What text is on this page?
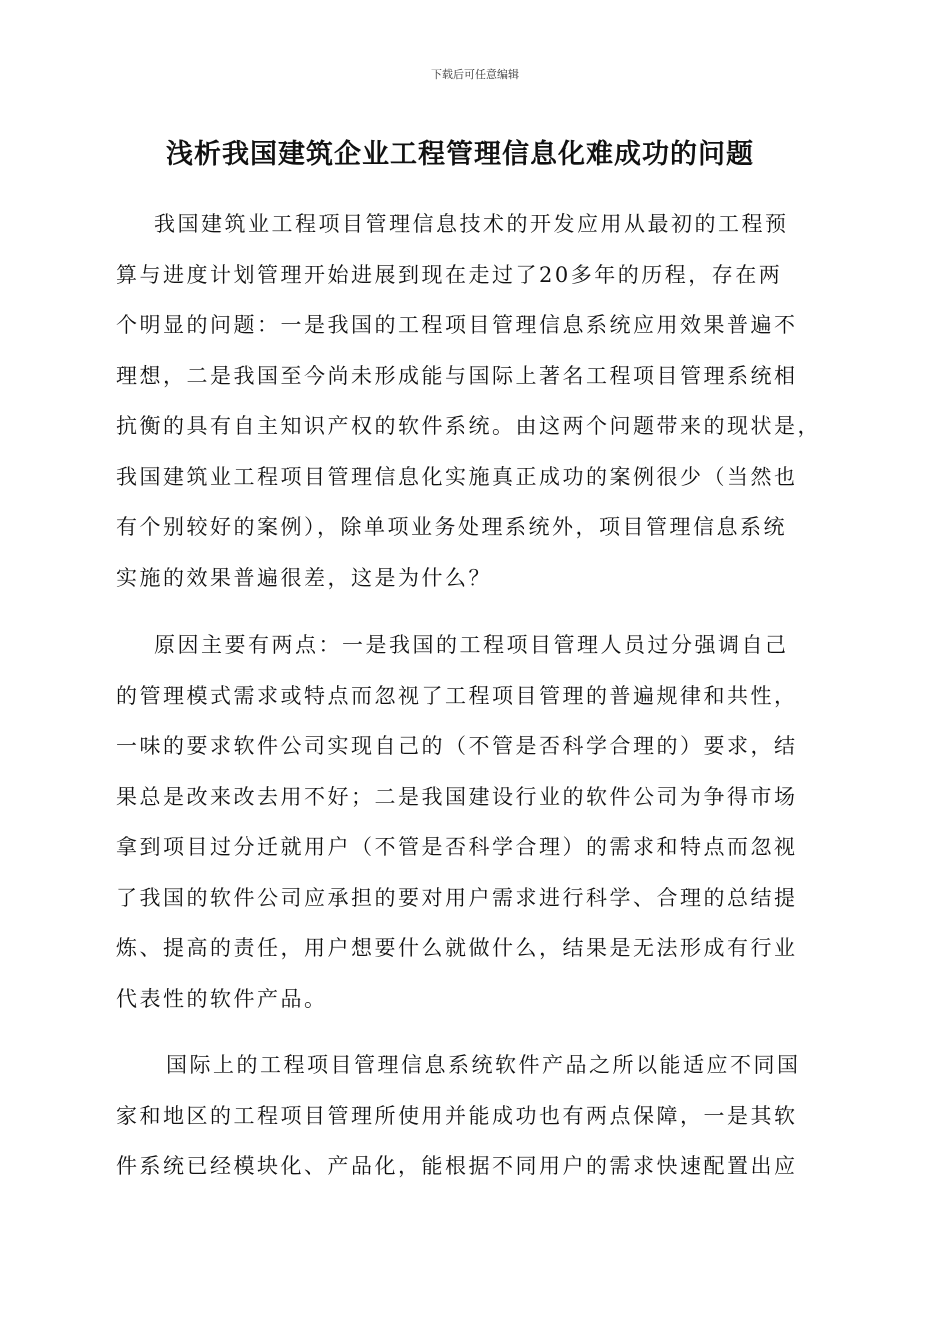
下载后可任意编辑
浅析我国建筑企业工程管理信息化难成功的问题
我国建筑业工程项目管理信息技术的开发应用从最初的工程预
算与进度计划管理开始进展到现在走过了20多年的历程，存在两
个明显的问题：一是我国的工程项目管理信息系统应用效果普遍不
理想，二是我国至今尚未形成能与国际上著名工程项目管理系统相
抗衡的具有自主知识产权的软件系统。由这两个问题带来的现状是，
我国建筑业工程项目管理信息化实施真正成功的案例很少（当然也
有个别较好的案例），除单项业务处理系统外，项目管理信息系统
实施的效果普遍很差，这是为什么？
原因主要有两点：一是我国的工程项目管理人员过分强调自己
的管理模式需求或特点而忽视了工程项目管理的普遍规律和共性，
一味的要求软件公司实现自己的（不管是否科学合理的）要求，结
果总是改来改去用不好；二是我国建设行业的软件公司为争得市场
拿到项目过分迁就用户（不管是否科学合理）的需求和特点而忽视
了我国的软件公司应承担的要对用户需求进行科学、合理的总结提
炼、提高的责任，用户想要什么就做什么，结果是无法形成有行业
代表性的软件产品。
国际上的工程项目管理信息系统软件产品之所以能适应不同国
家和地区的工程项目管理所使用并能成功也有两点保障，一是其软
件系统已经模块化、产品化，能根据不同用户的需求快速配置出应
